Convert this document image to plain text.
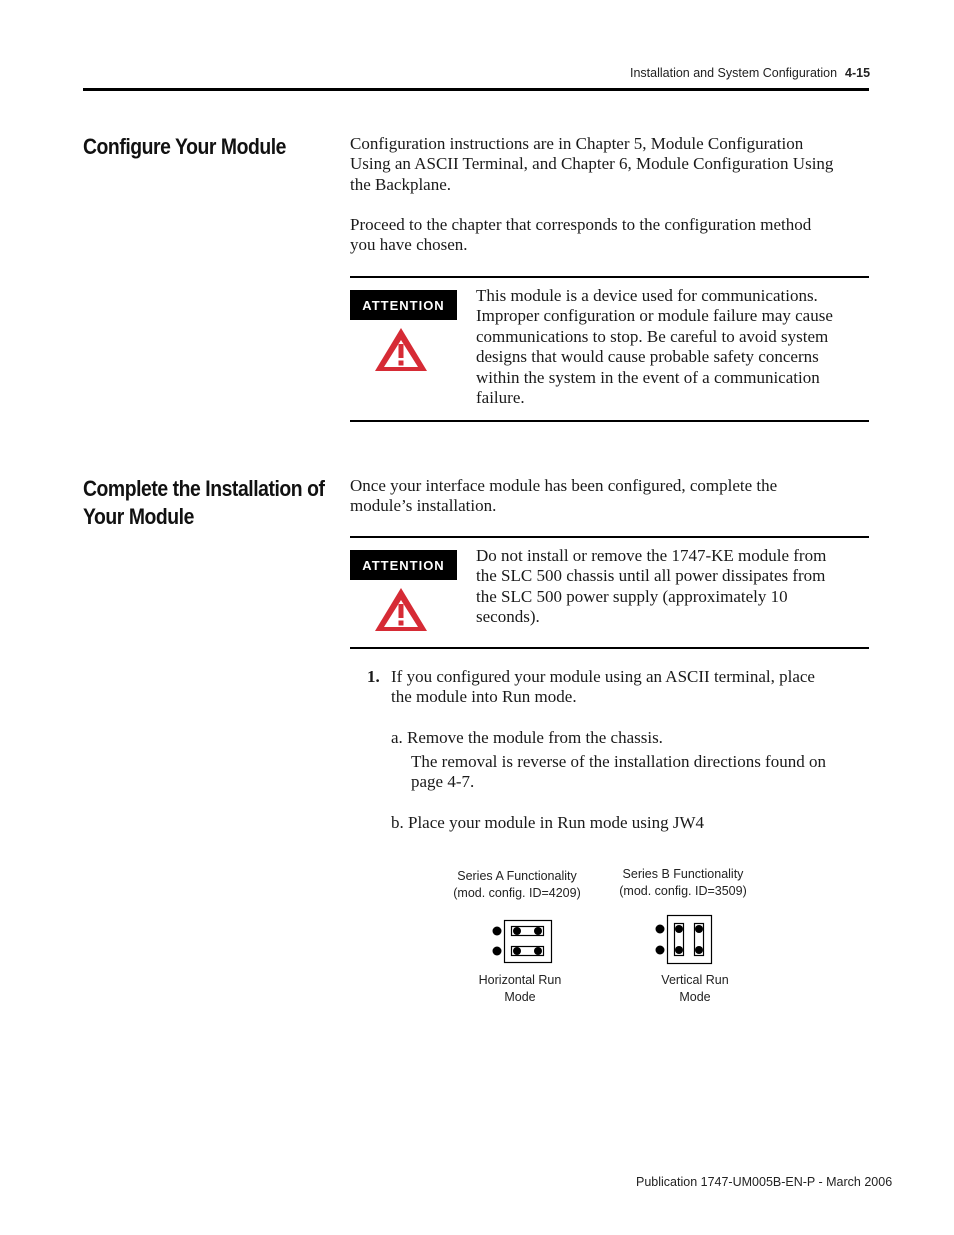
Installation and System Configuration 4-15
Configure Your Module	Configuration instructions are in Chapter 5, Module Configuration
Using an ASCII Terminal, and Chapter 6, Module Configuration Using
the Backplane.
Proceed to the chapter that corresponds to the configuration method
you have chosen.
ATTENTION	This module is a device used for communications.
Improper configuration or module failure may cause
communications to stop. Be careful to avoid system
designs that would cause probable safety concerns
within the system in the event of a communication
failure.
Complete the Installation of
Your Module
Once your interface module has been configured, complete the
module’s installation.
ATTENTION	Do not install or remove the 1747-KE module from
the SLC 500 chassis until all power dissipates from
the SLC 500 power supply (approximately 10
seconds).
1. If you configured your module using an ASCII terminal, place
the module into Run mode.
a. Remove the module from the chassis.
The removal is reverse of the installation directions found on
page 4-7.
b. Place your module in Run mode using JW4
Series A Functionality
(mod. config. ID=4209)
Series B Functionality
(mod. config. ID=3509)
Horizontal Run
Mode
Vertical Run
Mode
Publication 1747-UM005B-EN-P - March 2006
